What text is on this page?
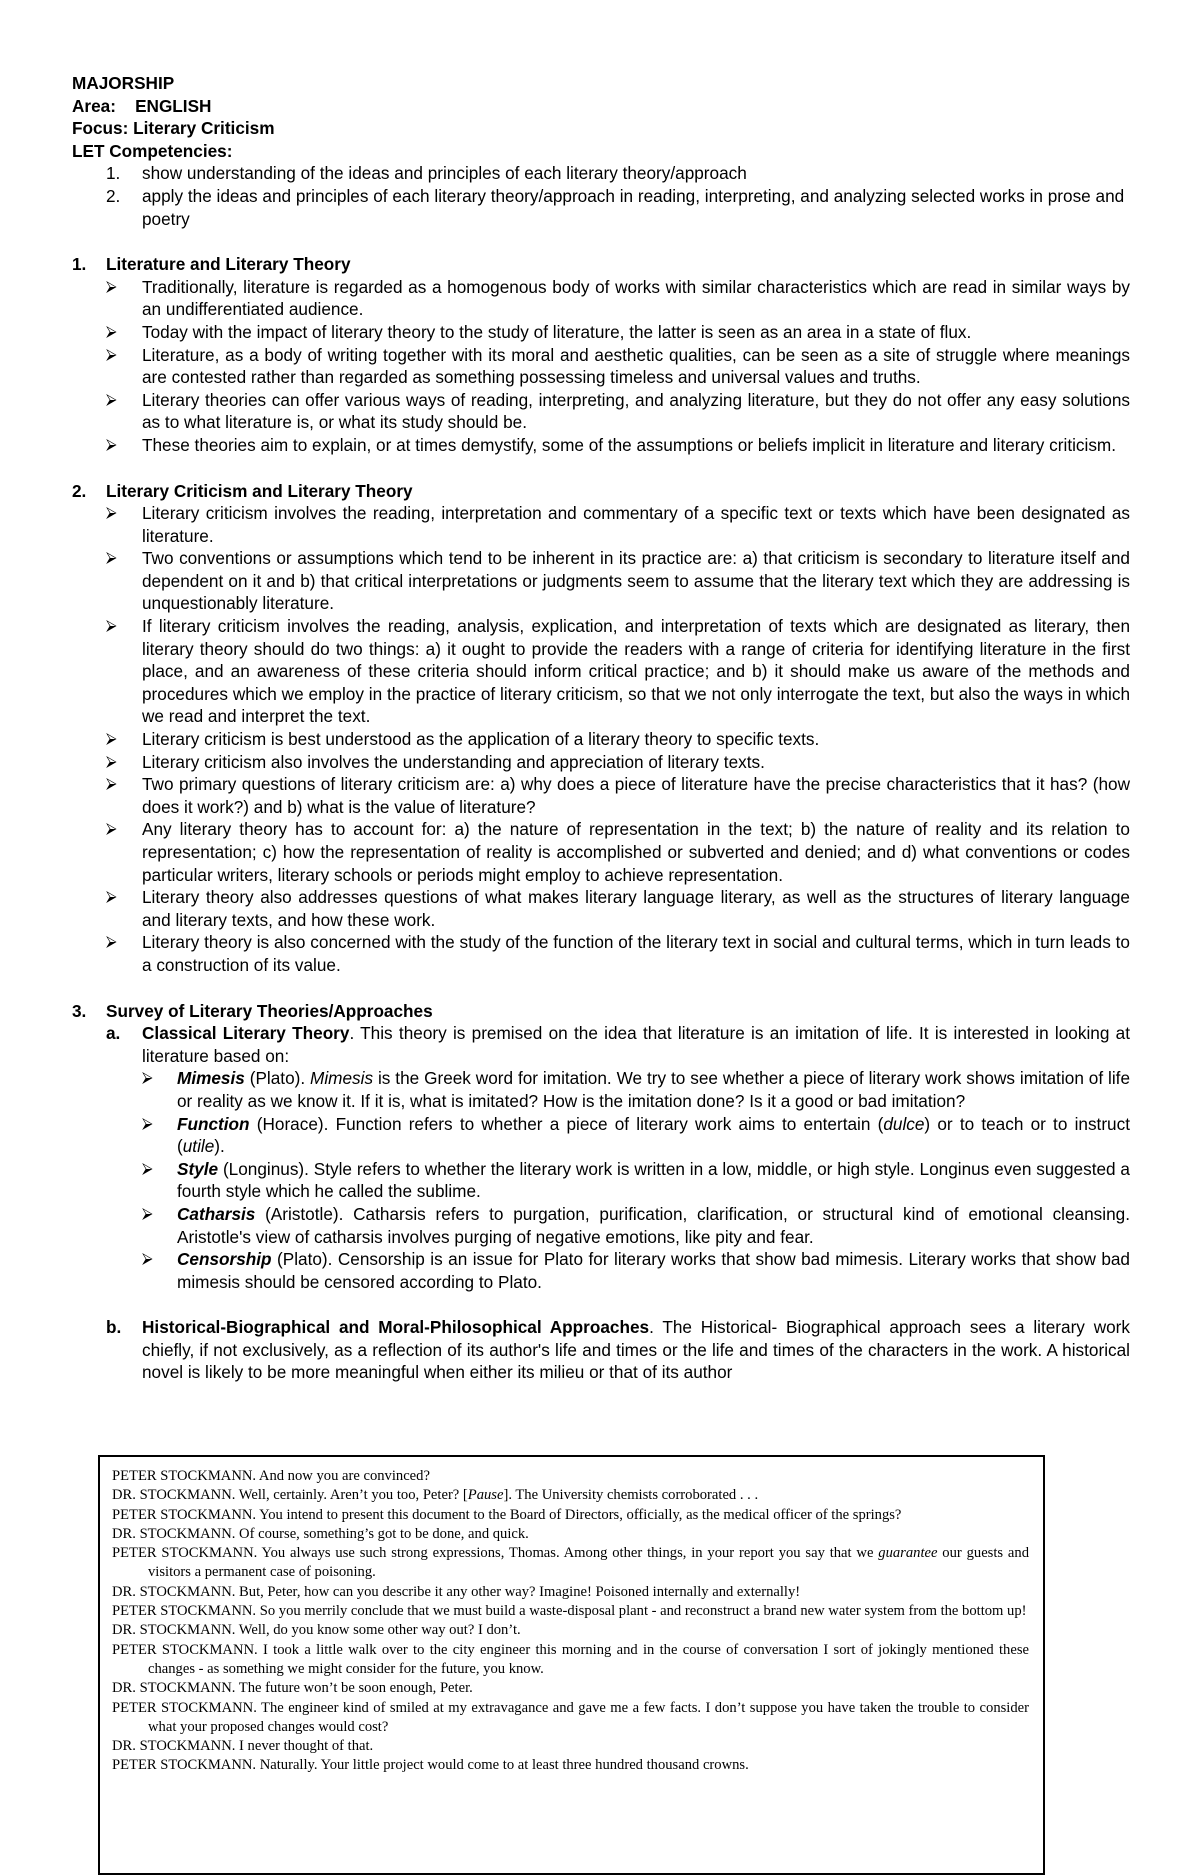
MAJORSHIP
Area: ENGLISH
Focus: Literary Criticism
LET Competencies:
1. show understanding of the ideas and principles of each literary theory/approach
2. apply the ideas and principles of each literary theory/approach in reading, interpreting, and analyzing selected works in prose and poetry
1. Literature and Literary Theory
⮚ Traditionally, literature is regarded as a homogenous body of works with similar characteristics which are read in similar ways by an undifferentiated audience.
⮚ Today with the impact of literary theory to the study of literature, the latter is seen as an area in a state of flux.
⮚ Literature, as a body of writing together with its moral and aesthetic qualities, can be seen as a site of struggle where meanings are contested rather than regarded as something possessing timeless and universal values and truths.
⮚ Literary theories can offer various ways of reading, interpreting, and analyzing literature, but they do not offer any easy solutions as to what literature is, or what its study should be.
⮚ These theories aim to explain, or at times demystify, some of the assumptions or beliefs implicit in literature and literary criticism.
2. Literary Criticism and Literary Theory
⮚ Literary criticism involves the reading, interpretation and commentary of a specific text or texts which have been designated as literature.
⮚ Two conventions or assumptions which tend to be inherent in its practice are: a) that criticism is secondary to literature itself and dependent on it and b) that critical interpretations or judgments seem to assume that the literary text which they are addressing is unquestionably literature.
⮚ If literary criticism involves the reading, analysis, explication, and interpretation of texts which are designated as literary, then literary theory should do two things: a) it ought to provide the readers with a range of criteria for identifying literature in the first place, and an awareness of these criteria should inform critical practice; and b) it should make us aware of the methods and procedures which we employ in the practice of literary criticism, so that we not only interrogate the text, but also the ways in which we read and interpret the text.
⮚ Literary criticism is best understood as the application of a literary theory to specific texts.
⮚ Literary criticism also involves the understanding and appreciation of literary texts.
⮚ Two primary questions of literary criticism are: a) why does a piece of literature have the precise characteristics that it has? (how does it work?) and b) what is the value of literature?
⮚ Any literary theory has to account for: a) the nature of representation in the text; b) the nature of reality and its relation to representation; c) how the representation of reality is accomplished or subverted and denied; and d) what conventions or codes particular writers, literary schools or periods might employ to achieve representation.
⮚ Literary theory also addresses questions of what makes literary language literary, as well as the structures of literary language and literary texts, and how these work.
⮚ Literary theory is also concerned with the study of the function of the literary text in social and cultural terms, which in turn leads to a construction of its value.
3. Survey of Literary Theories/Approaches
a. Classical Literary Theory. This theory is premised on the idea that literature is an imitation of life. It is interested in looking at literature based on:
⮚ Mimesis (Plato). Mimesis is the Greek word for imitation. We try to see whether a piece of literary work shows imitation of life or reality as we know it. If it is, what is imitated? How is the imitation done? Is it a good or bad imitation?
⮚ Function (Horace). Function refers to whether a piece of literary work aims to entertain (dulce) or to teach or to instruct (utile).
⮚ Style (Longinus). Style refers to whether the literary work is written in a low, middle, or high style. Longinus even suggested a fourth style which he called the sublime.
⮚ Catharsis (Aristotle). Catharsis refers to purgation, purification, clarification, or structural kind of emotional cleansing. Aristotle's view of catharsis involves purging of negative emotions, like pity and fear.
⮚ Censorship (Plato). Censorship is an issue for Plato for literary works that show bad mimesis. Literary works that show bad mimesis should be censored according to Plato.
b. Historical-Biographical and Moral-Philosophical Approaches. The Historical- Biographical approach sees a literary work chiefly, if not exclusively, as a reflection of its author's life and times or the life and times of the characters in the work. A historical novel is likely to be more meaningful when either its milieu or that of its author
PETER STOCKMANN. And now you are convinced?
DR. STOCKMANN. Well, certainly. Aren’t you too, Peter? [Pause]. The University chemists corroborated . . .
PETER STOCKMANN. You intend to present this document to the Board of Directors, officially, as the medical officer of the springs?
DR. STOCKMANN. Of course, something’s got to be done, and quick.
PETER STOCKMANN. You always use such strong expressions, Thomas. Among other things, in your report you say that we guarantee our guests and visitors a permanent case of poisoning.
DR. STOCKMANN. But, Peter, how can you describe it any other way? Imagine! Poisoned internally and externally!
PETER STOCKMANN. So you merrily conclude that we must build a waste-disposal plant - and reconstruct a brand new water system from the bottom up!
DR. STOCKMANN. Well, do you know some other way out? I don’t.
PETER STOCKMANN. I took a little walk over to the city engineer this morning and in the course of conversation I sort of jokingly mentioned these changes - as something we might consider for the future, you know.
DR. STOCKMANN. The future won’t be soon enough, Peter.
PETER STOCKMANN. The engineer kind of smiled at my extravagance and gave me a few facts. I don’t suppose you have taken the trouble to consider what your proposed changes would cost?
DR. STOCKMANN. I never thought of that.
PETER STOCKMANN. Naturally. Your little project would come to at least three hundred thousand crowns.
